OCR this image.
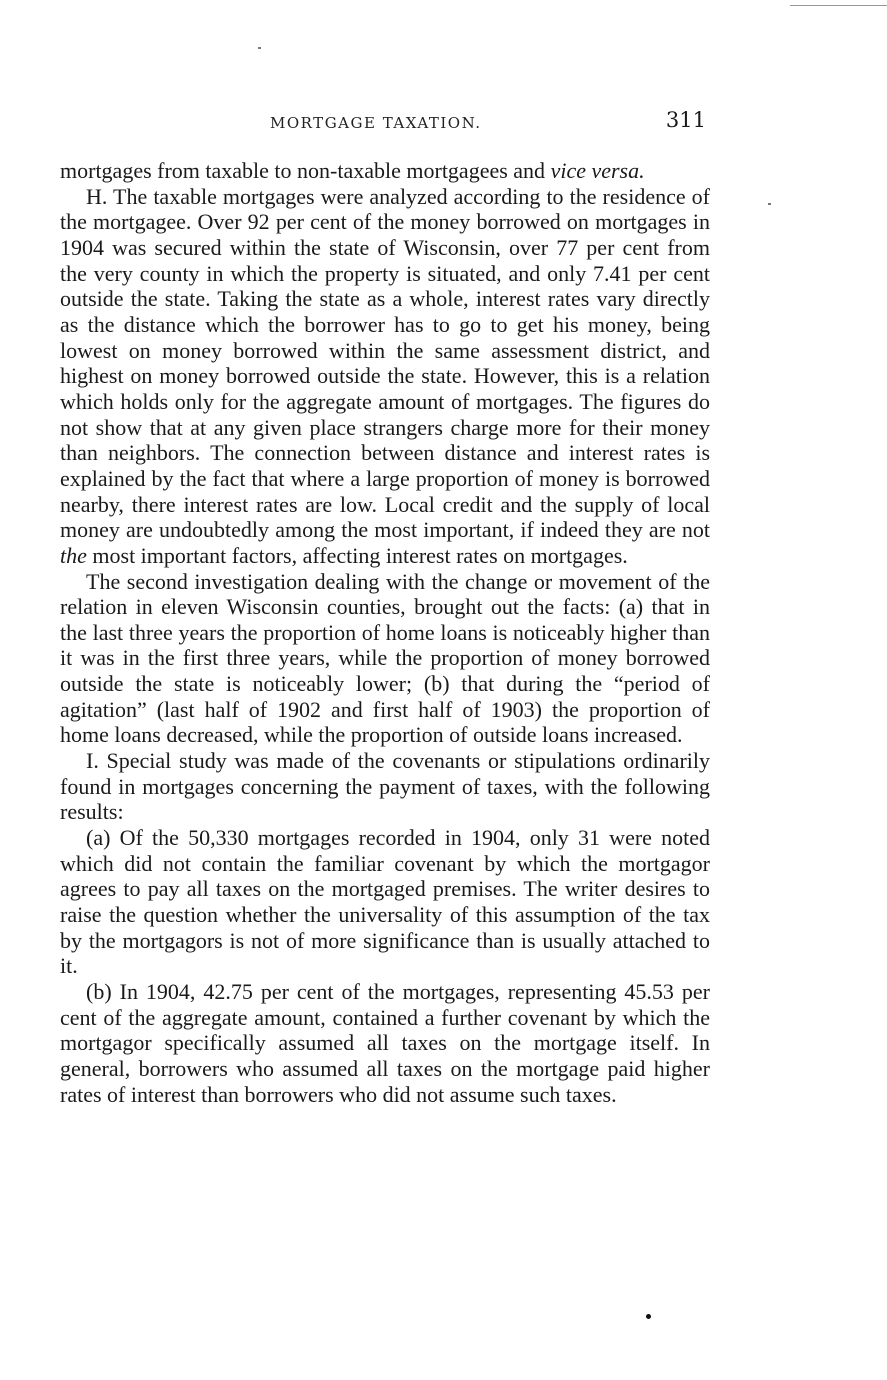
MORTGAGE TAXATION.	311

mortgages from taxable to non-taxable mortgagees and vice versa.

H. The taxable mortgages were analyzed according to the residence of the mortgagee. Over 92 per cent of the money borrowed on mortgages in 1904 was secured within the state of Wisconsin, over 77 per cent from the very county in which the property is situated, and only 7.41 per cent outside the state. Taking the state as a whole, interest rates vary directly as the distance which the borrower has to go to get his money, being lowest on money borrowed within the same assessment district, and highest on money borrowed outside the state. However, this is a relation which holds only for the aggregate amount of mortgages. The figures do not show that at any given place strangers charge more for their money than neighbors. The connection between distance and interest rates is explained by the fact that where a large proportion of money is borrowed nearby, there interest rates are low. Local credit and the supply of local money are undoubtedly among the most important, if indeed they are not the most important factors, affecting interest rates on mortgages.

The second investigation dealing with the change or movement of the relation in eleven Wisconsin counties, brought out the facts: (a) that in the last three years the proportion of home loans is noticeably higher than it was in the first three years, while the proportion of money borrowed outside the state is noticeably lower; (b) that during the “period of agitation” (last half of 1902 and first half of 1903) the proportion of home loans decreased, while the proportion of outside loans increased.

I. Special study was made of the covenants or stipulations ordinarily found in mortgages concerning the payment of taxes, with the following results:

(a) Of the 50,330 mortgages recorded in 1904, only 31 were noted which did not contain the familiar covenant by which the mortgagor agrees to pay all taxes on the mortgaged premises. The writer desires to raise the question whether the universality of this assumption of the tax by the mortgagors is not of more significance than is usually attached to it.

(b) In 1904, 42.75 per cent of the mortgages, representing 45.53 per cent of the aggregate amount, contained a further covenant by which the mortgagor specifically assumed all taxes on the mortgage itself. In general, borrowers who assumed all taxes on the mortgage paid higher rates of interest than borrowers who did not assume such taxes.
